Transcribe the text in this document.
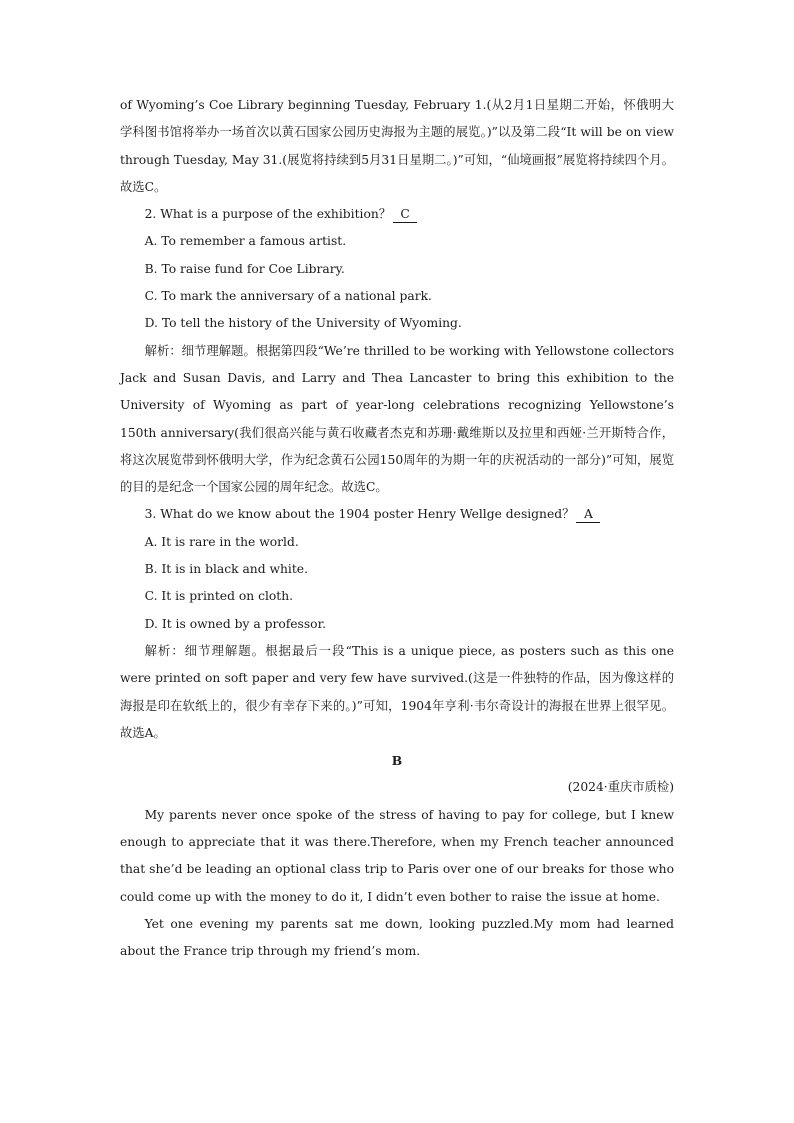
of Wyoming’s Coe Library beginning Tuesday, February 1.(从2月1日星期二开始，怀俄明大学科图书馆将举办一场首次以黄石国家公园历史海报为主题的展览。)”以及第二段“It will be on view through Tuesday, May 31.(展览将持续到5月31日星期二。)”可知，“仙境画报”展览将持续四个月。故选C。

2. What is a purpose of the exhibition？ C

A. To remember a famous artist.

B. To raise fund for Coe Library.

C. To mark the anniversary of a national park.

D. To tell the history of the University of Wyoming.

解析：细节理解题。根据第四段“We’re thrilled to be working with Yellowstone collectors Jack and Susan Davis, and Larry and Thea Lancaster to bring this exhibition to the University of Wyoming as part of year-long celebrations recognizing Yellowstone’s 150th anniversary(我们很高兴能与黄石收藏者杰克和苏珊·戴维斯以及拉里和西娅·兰开斯特合作，将这次展览带到怀俄明大学，作为纪念黄石公园150周年的为期一年的庆祝活动的一部分)”可知，展览的目的是纪念一个国家公园的周年纪念。故选C。

3. What do we know about the 1904 poster Henry Wellge designed？ A

A. It is rare in the world.

B. It is in black and white.

C. It is printed on cloth.

D. It is owned by a professor.

解析：细节理解题。根据最后一段“This is a unique piece, as posters such as this one were printed on soft paper and very few have survived.(这是一件独特的作品，因为像这样的海报是印在软纸上的，很少有幸存下来的。)”可知，1904年亨利·韦尔奇设计的海报在世界上很罕见。故选A。

B

(2024·重庆市质检)

My parents never once spoke of the stress of having to pay for college, but I knew enough to appreciate that it was there.Therefore, when my French teacher announced that she’d be leading an optional class trip to Paris over one of our breaks for those who could come up with the money to do it, I didn’t even bother to raise the issue at home.

Yet one evening my parents sat me down, looking puzzled.My mom had learned about the France trip through my friend’s mom.
